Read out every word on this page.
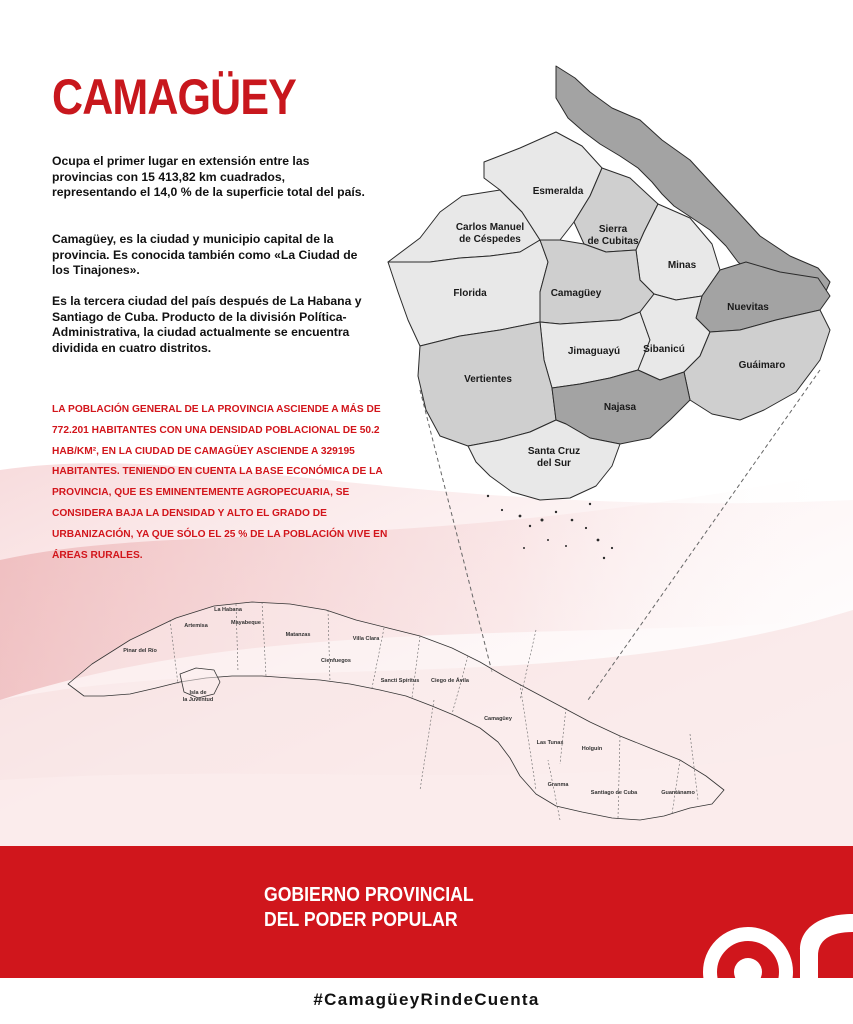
CAMAGÜEY

Ocupa el primer lugar en extensión entre las provincias con 15 413,82 km cuadrados, representando el 14,0 % de la superficie total del país.

Camagüey, es la ciudad y municipio capital de la provincia. Es conocida también como «La Ciudad de los Tinajones».

Es la tercera ciudad del país después de La Habana y Santiago de Cuba. Producto de la división Política- Administrativa, la ciudad actualmente se encuentra dividida en cuatro distritos.

LA POBLACIÓN GENERAL DE LA PROVINCIA ASCIENDE A MÁS DE 772.201 HABITANTES CON UNA DENSIDAD POBLACIONAL DE 50.2 HAB/KM², EN LA CIUDAD DE CAMAGÜEY ASCIENDE A 329195 HABITANTES. TENIENDO EN CUENTA LA BASE ECONÓMICA DE LA PROVINCIA, QUE ES EMINENTEMENTE AGROPECUARIA, SE CONSIDERA BAJA LA DENSIDAD Y ALTO EL GRADO DE URBANIZACIÓN, YA QUE SÓLO EL 25 % DE LA POBLACIÓN VIVE EN ÁREAS RURALES.

Esmeralda
Carlos Manuel
de Céspedes
Sierra
de Cubitas
Minas
Florida	Camagüey
Nuevitas
Jimaguayú Sibanicú
Guáimaro
Vertientes
Najasa
Santa Cruz
del Sur
La Habana
Artemisa	Mayabeque
Matanzas
Villa Clara
Pinar del Río
Cienfuegos
Isla de
la Juventud
Sancti Spíritus Ciego de Ávila
Camagüey
Las Tunas
Holguín
Granma
Santiago de Cuba	Guantánamo
GOBIERNO PROVINCIAL
DEL PODER POPULAR
#CamagüeyRindeCuenta
